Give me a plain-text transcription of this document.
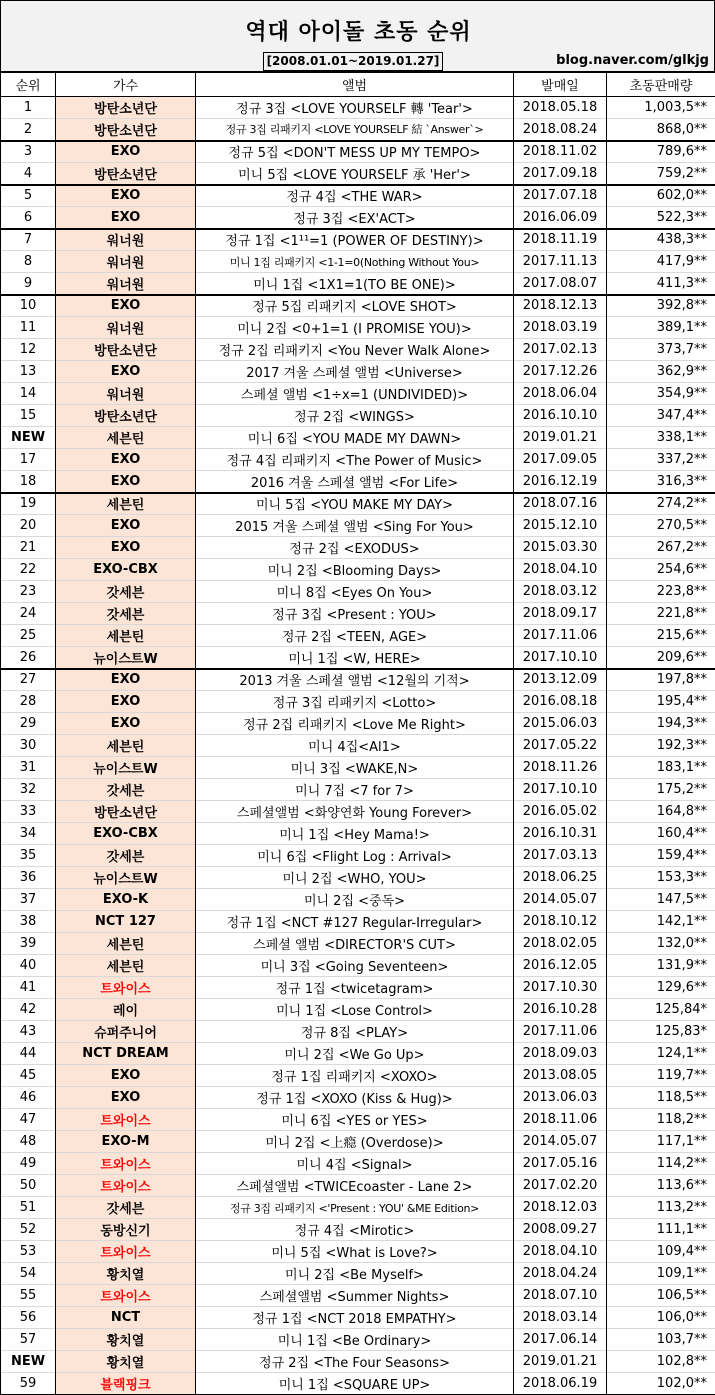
역대 아이돌 초동 순위
[2008.01.01~2019.01.27]	blog.naver.com/glkjg
순위	가수	앨범	발매일	초동판매량
1	방탄소년단	정규 3집 <LOVE YOURSELF 轉 'Tear'>	2018.05.18	1,003,5**
2	방탄소년단	정규 3집 리패키지 <LOVE YOURSELF 結 `Answer`>	2018.08.24	868,0**
3	EXO	정규 5집 <DON'T MESS UP MY TEMPO>	2018.11.02	789,6**
4	방탄소년단	미니 5집 <LOVE YOURSELF 承 'Her'>	2017.09.18	759,2**
5	EXO	정규 4집 <THE WAR>	2017.07.18	602,0**
6	EXO	정규 3집 <EX'ACT>	2016.06.09	522,3**
7	워너원	정규 1집 <1¹¹=1 (POWER OF DESTINY)>	2018.11.19	438,3**
8	워너원	미니 1집 리패키지 <1-1=0(Nothing Without You>	2017.11.13	417,9**
9	워너원	미니 1집 <1X1=1(TO BE ONE)>	2017.08.07	411,3**
10	EXO	정규 5집 리패키지 <LOVE SHOT>	2018.12.13	392,8**
11	워너원	미니 2집 <0+1=1 (I PROMISE YOU)>	2018.03.19	389,1**
12	방탄소년단	정규 2집 리패키지 <You Never Walk Alone>	2017.02.13	373,7**
13	EXO	2017 겨울 스페셜 앨범 <Universe>	2017.12.26	362,9**
14	워너원	스페셜 앨범 <1÷x=1 (UNDIVIDED)>	2018.06.04	354,9**
15	방탄소년단	정규 2집 <WINGS>	2016.10.10	347,4**
NEW	세븐틴	미니 6집 <YOU MADE MY DAWN>	2019.01.21	338,1**
17	EXO	정규 4집 리패키지 <The Power of Music>	2017.09.05	337,2**
18	EXO	2016 겨울 스페셜 앨범 <For Life>	2016.12.19	316,3**
19	세븐틴	미니 5집 <YOU MAKE MY DAY>	2018.07.16	274,2**
20	EXO	2015 겨울 스페셜 앨범 <Sing For You>	2015.12.10	270,5**
21	EXO	정규 2집 <EXODUS>	2015.03.30	267,2**
22	EXO-CBX	미니 2집 <Blooming Days>	2018.04.10	254,6**
23	갓세븐	미니 8집 <Eyes On You>	2018.03.12	223,8**
24	갓세븐	정규 3집 <Present : YOU>	2018.09.17	221,8**
25	세븐틴	정규 2집 <TEEN, AGE>	2017.11.06	215,6**
26	뉴이스트W	미니 1집 <W, HERE>	2017.10.10	209,6**
27	EXO	2013 겨울 스페셜 앨범 <12월의 기적>	2013.12.09	197,8**
28	EXO	정규 3집 리패키지 <Lotto>	2016.08.18	195,4**
29	EXO	정규 2집 리패키지 <Love Me Right>	2015.06.03	194,3**
30	세븐틴	미니 4집<Al1>	2017.05.22	192,3**
31	뉴이스트W	미니 3집 <WAKE,N>	2018.11.26	183,1**
32	갓세븐	미니 7집 <7 for 7>	2017.10.10	175,2**
33	방탄소년단	스페셜앨범 <화양연화 Young Forever>	2016.05.02	164,8**
34	EXO-CBX	미니 1집 <Hey Mama!>	2016.10.31	160,4**
35	갓세븐	미니 6집 <Flight Log : Arrival>	2017.03.13	159,4**
36	뉴이스트W	미니 2집 <WHO, YOU>	2018.06.25	153,3**
37	EXO-K	미니 2집 <중독>	2014.05.07	147,5**
38	NCT 127	정규 1집 <NCT #127 Regular-Irregular>	2018.10.12	142,1**
39	세븐틴	스페셜 앨범 <DIRECTOR'S CUT>	2018.02.05	132,0**
40	세븐틴	미니 3집 <Going Seventeen>	2016.12.05	131,9**
41	트와이스	정규 1집 <twicetagram>	2017.10.30	129,6**
42	레이	미니 1집 <Lose Control>	2016.10.28	125,84*
43	슈퍼주니어	정규 8집 <PLAY>	2017.11.06	125,83*
44	NCT DREAM	미니 2집 <We Go Up>	2018.09.03	124,1**
45	EXO	정규 1집 리패키지 <XOXO>	2013.08.05	119,7**
46	EXO	정규 1집 <XOXO (Kiss & Hug)>	2013.06.03	118,5**
47	트와이스	미니 6집 <YES or YES>	2018.11.06	118,2**
48	EXO-M	미니 2집 <上瘾 (Overdose)>	2014.05.07	117,1**
49	트와이스	미니 4집 <Signal>	2017.05.16	114,2**
50	트와이스	스페셜앨범 <TWICEcoaster - Lane 2>	2017.02.20	113,6**
51	갓세븐	정규 3집 리패키지 <'Present : YOU' &ME Edition>	2018.12.03	113,2**
52	동방신기	정규 4집 <Mirotic>	2008.09.27	111,1**
53	트와이스	미니 5집 <What is Love?>	2018.04.10	109,4**
54	황치열	미니 2집 <Be Myself>	2018.04.24	109,1**
55	트와이스	스페셜앨범 <Summer Nights>	2018.07.10	106,5**
56	NCT	정규 1집 <NCT 2018 EMPATHY>	2018.03.14	106,0**
57	황치열	미니 1집 <Be Ordinary>	2017.06.14	103,7**
NEW	황치열	정규 2집 <The Four Seasons>	2019.01.21	102,8**
59	블랙핑크	미니 1집 <SQUARE UP>	2018.06.19	102,0**
